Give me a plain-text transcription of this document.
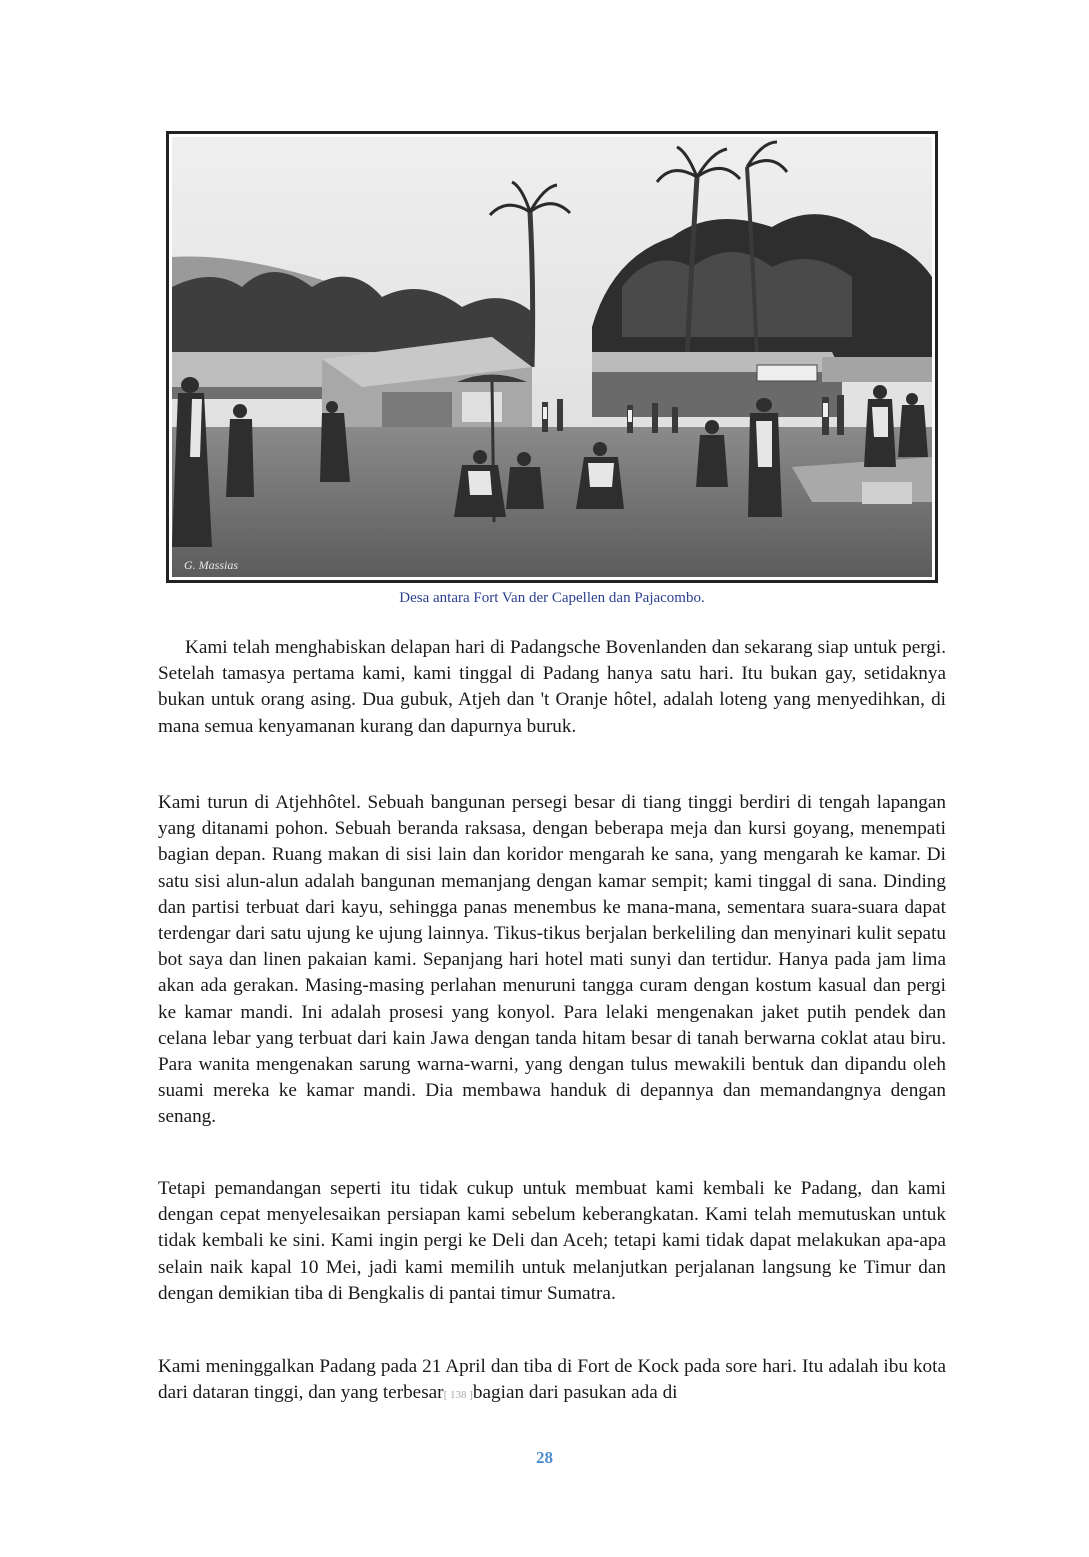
G. Massias
Desa antara Fort Van der Capellen dan Pajacombo.

Kami telah menghabiskan delapan hari di Padangsche Bovenlanden dan sekarang siap untuk pergi. Setelah tamasya pertama kami, kami tinggal di Padang hanya satu hari. Itu bukan gay, setidaknya bukan untuk orang asing. Dua gubuk, Atjeh dan 't Oranje hôtel, adalah loteng yang menyedihkan, di mana semua kenyamanan kurang dan dapurnya buruk.

Kami turun di Atjehhôtel. Sebuah bangunan persegi besar di tiang tinggi berdiri di tengah lapangan yang ditanami pohon. Sebuah beranda raksasa, dengan beberapa meja dan kursi goyang, menempati bagian depan. Ruang makan di sisi lain dan koridor mengarah ke sana, yang mengarah ke kamar. Di satu sisi alun-alun adalah bangunan memanjang dengan kamar sempit; kami tinggal di sana. Dinding dan partisi terbuat dari kayu, sehingga panas menembus ke mana-mana, sementara suara-suara dapat terdengar dari satu ujung ke ujung lainnya. Tikus-tikus berjalan berkeliling dan menyinari kulit sepatu bot saya dan linen pakaian kami. Sepanjang hari hotel mati sunyi dan tertidur. Hanya pada jam lima akan ada gerakan. Masing-masing perlahan menuruni tangga curam dengan kostum kasual dan pergi ke kamar mandi. Ini adalah prosesi yang konyol. Para lelaki mengenakan jaket putih pendek dan celana lebar yang terbuat dari kain Jawa dengan tanda hitam besar di tanah berwarna coklat atau biru. Para wanita mengenakan sarung warna-warni, yang dengan tulus mewakili bentuk dan dipandu oleh suami mereka ke kamar mandi. Dia membawa handuk di depannya dan memandangnya dengan senang.

Tetapi pemandangan seperti itu tidak cukup untuk membuat kami kembali ke Padang, dan kami dengan cepat menyelesaikan persiapan kami sebelum keberangkatan. Kami telah memutuskan untuk tidak kembali ke sini. Kami ingin pergi ke Deli dan Aceh; tetapi kami tidak dapat melakukan apa-apa selain naik kapal 10 Mei, jadi kami memilih untuk melanjutkan perjalanan langsung ke Timur dan dengan demikian tiba di Bengkalis di pantai timur Sumatra.

Kami meninggalkan Padang pada 21 April dan tiba di Fort de Kock pada sore hari. Itu adalah ibu kota dari dataran tinggi, dan yang terbesar[ 138 ]bagian dari pasukan ada di

28
